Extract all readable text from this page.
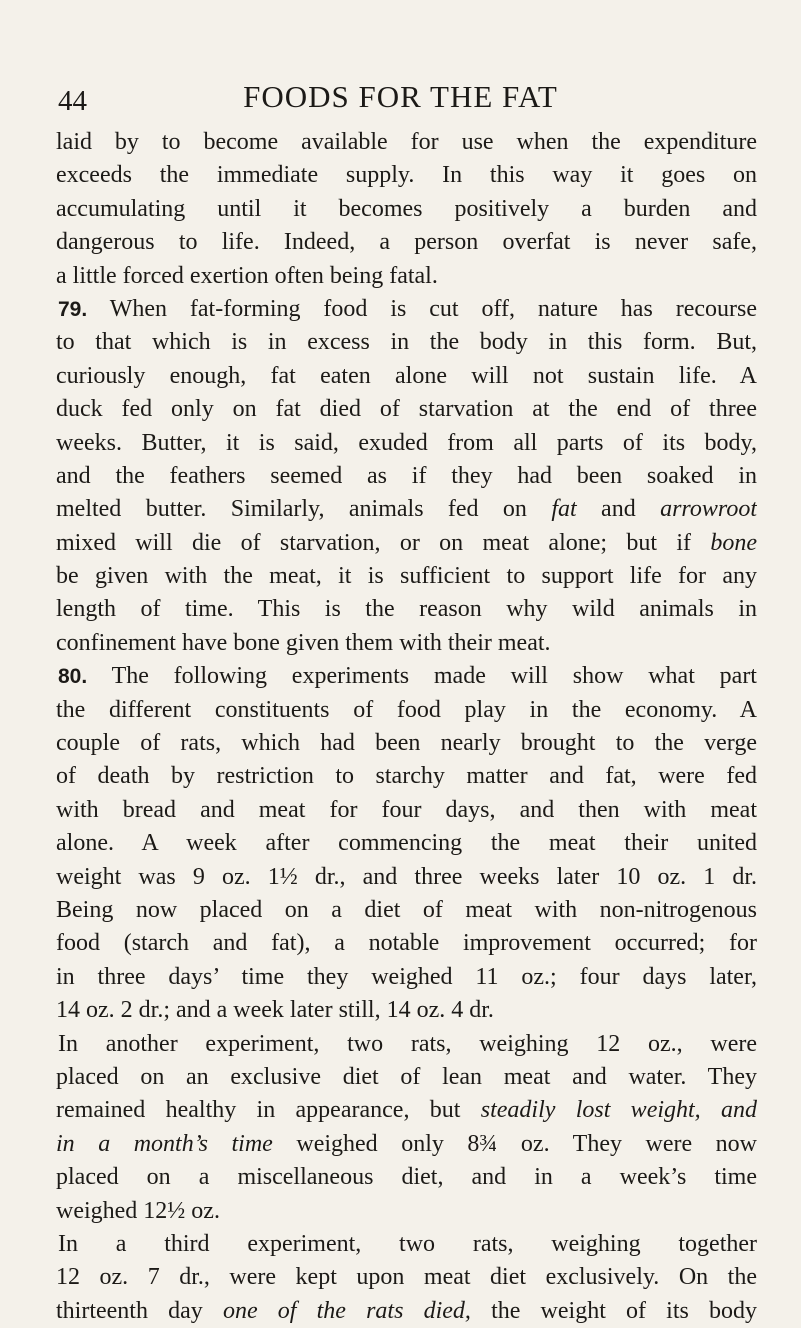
44	FOODS FOR THE FAT
laid by to become available for use when the expenditure
exceeds the immediate supply. In this way it goes on
accumulating until it becomes positively a burden and
dangerous to life. Indeed, a person overfat is never safe,
a little forced exertion often being fatal.
79. When fat-forming food is cut off, nature has recourse
to that which is in excess in the body in this form. But,
curiously enough, fat eaten alone will not sustain life. A
duck fed only on fat died of starvation at the end of three
weeks. Butter, it is said, exuded from all parts of its body,
and the feathers seemed as if they had been soaked in
melted butter. Similarly, animals fed on fat and arrowroot
mixed will die of starvation, or on meat alone; but if bone
be given with the meat, it is sufficient to support life for any
length of time. This is the reason why wild animals in
confinement have bone given them with their meat.
80. The following experiments made will show what part
the different constituents of food play in the economy. A
couple of rats, which had been nearly brought to the verge
of death by restriction to starchy matter and fat, were fed
with bread and meat for four days, and then with meat
alone. A week after commencing the meat their united
weight was 9 oz. 1½ dr., and three weeks later 10 oz. 1 dr.
Being now placed on a diet of meat with non-nitrogenous
food (starch and fat), a notable improvement occurred; for
in three days’ time they weighed 11 oz.; four days later,
14 oz. 2 dr.; and a week later still, 14 oz. 4 dr.
In another experiment, two rats, weighing 12 oz., were
placed on an exclusive diet of lean meat and water. They
remained healthy in appearance, but steadily lost weight, and
in a month’s time weighed only 8¾ oz. They were now
placed on a miscellaneous diet, and in a week’s time
weighed 12½ oz.
In a third experiment, two rats, weighing together
12 oz. 7 dr., were kept upon meat diet exclusively. On the
thirteenth day one of the rats died, the weight of its body
